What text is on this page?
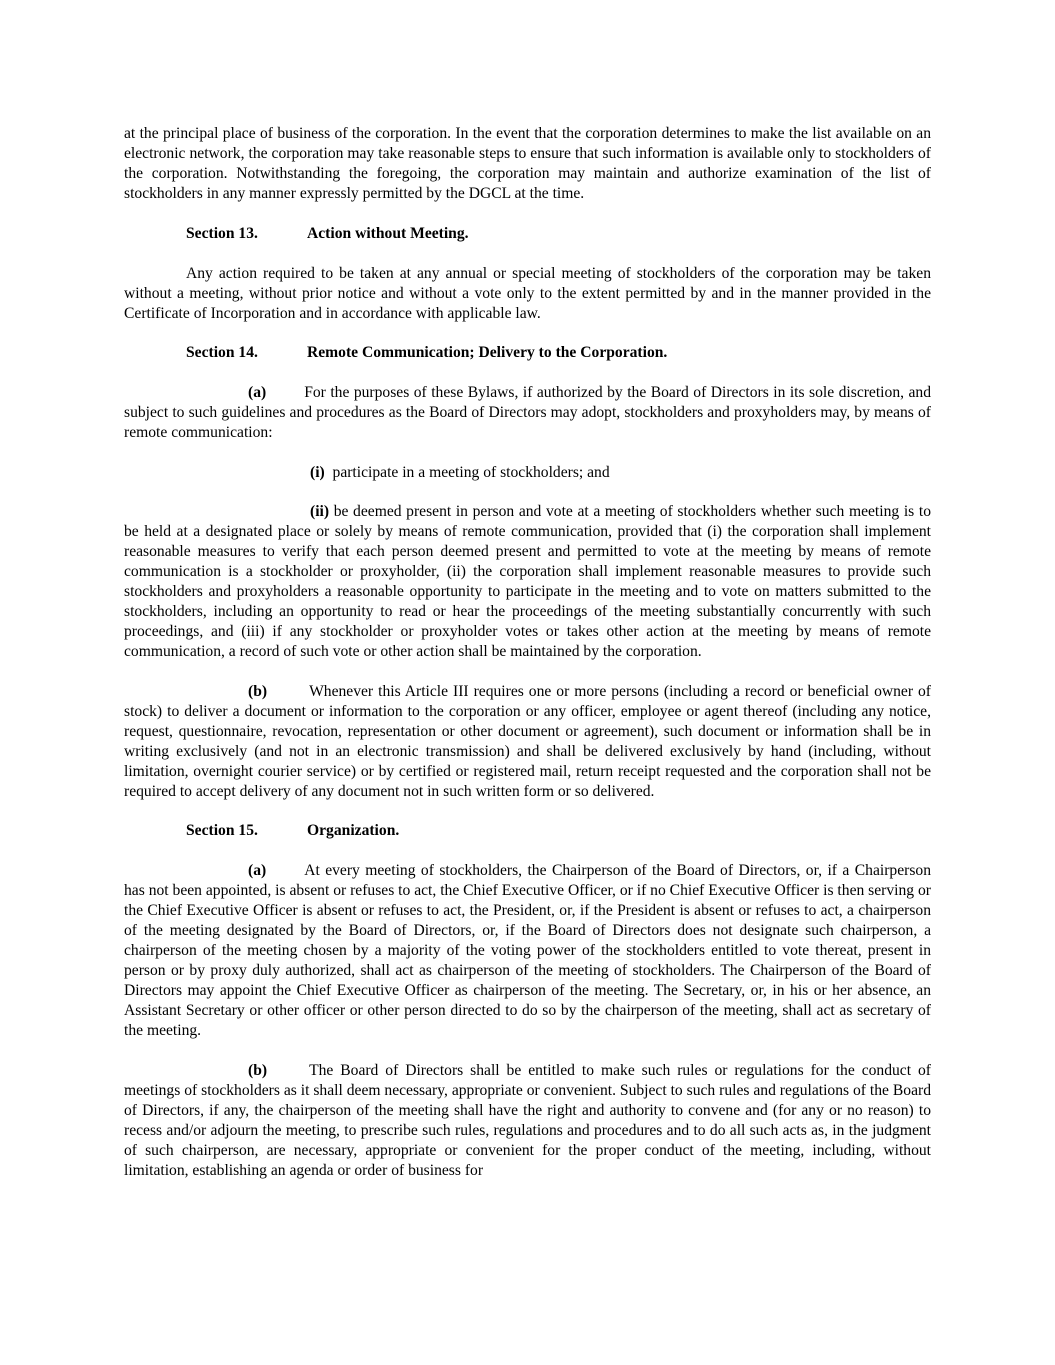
at the principal place of business of the corporation. In the event that the corporation determines to make the list available on an electronic network, the corporation may take reasonable steps to ensure that such information is available only to stockholders of the corporation. Notwithstanding the foregoing, the corporation may maintain and authorize examination of the list of stockholders in any manner expressly permitted by the DGCL at the time.

Section 13.	Action without Meeting.

Any action required to be taken at any annual or special meeting of stockholders of the corporation may be taken without a meeting, without prior notice and without a vote only to the extent permitted by and in the manner provided in the Certificate of Incorporation and in accordance with applicable law.

Section 14.	Remote Communication; Delivery to the Corporation.

(a) For the purposes of these Bylaws, if authorized by the Board of Directors in its sole discretion, and subject to such guidelines and procedures as the Board of Directors may adopt, stockholders and proxyholders may, by means of remote communication:

(i) participate in a meeting of stockholders; and

(ii) be deemed present in person and vote at a meeting of stockholders whether such meeting is to be held at a designated place or solely by means of remote communication, provided that (i) the corporation shall implement reasonable measures to verify that each person deemed present and permitted to vote at the meeting by means of remote communication is a stockholder or proxyholder, (ii) the corporation shall implement reasonable measures to provide such stockholders and proxyholders a reasonable opportunity to participate in the meeting and to vote on matters submitted to the stockholders, including an opportunity to read or hear the proceedings of the meeting substantially concurrently with such proceedings, and (iii) if any stockholder or proxyholder votes or takes other action at the meeting by means of remote communication, a record of such vote or other action shall be maintained by the corporation.

(b)	Whenever this Article III requires one or more persons (including a record or beneficial owner of stock) to deliver a document or information to the corporation or any officer, employee or agent thereof (including any notice, request, questionnaire, revocation, representation or other document or agreement), such document or information shall be in writing exclusively (and not in an electronic transmission) and shall be delivered exclusively by hand (including, without limitation, overnight courier service) or by certified or registered mail, return receipt requested and the corporation shall not be required to accept delivery of any document not in such written form or so delivered.

Section 15.	Organization.

(a) At every meeting of stockholders, the Chairperson of the Board of Directors, or, if a Chairperson has not been appointed, is absent or refuses to act, the Chief Executive Officer, or if no Chief Executive Officer is then serving or the Chief Executive Officer is absent or refuses to act, the President, or, if the President is absent or refuses to act, a chairperson of the meeting designated by the Board of Directors, or, if the Board of Directors does not designate such chairperson, a chairperson of the meeting chosen by a majority of the voting power of the stockholders entitled to vote thereat, present in person or by proxy duly authorized, shall act as chairperson of the meeting of stockholders. The Chairperson of the Board of Directors may appoint the Chief Executive Officer as chairperson of the meeting. The Secretary, or, in his or her absence, an Assistant Secretary or other officer or other person directed to do so by the chairperson of the meeting, shall act as secretary of the meeting.

(b)	The Board of Directors shall be entitled to make such rules or regulations for the conduct of meetings of stockholders as it shall deem necessary, appropriate or convenient. Subject to such rules and regulations of the Board of Directors, if any, the chairperson of the meeting shall have the right and authority to convene and (for any or no reason) to recess and/or adjourn the meeting, to prescribe such rules, regulations and procedures and to do all such acts as, in the judgment of such chairperson, are necessary, appropriate or convenient for the proper conduct of the meeting, including, without limitation, establishing an agenda or order of business for
